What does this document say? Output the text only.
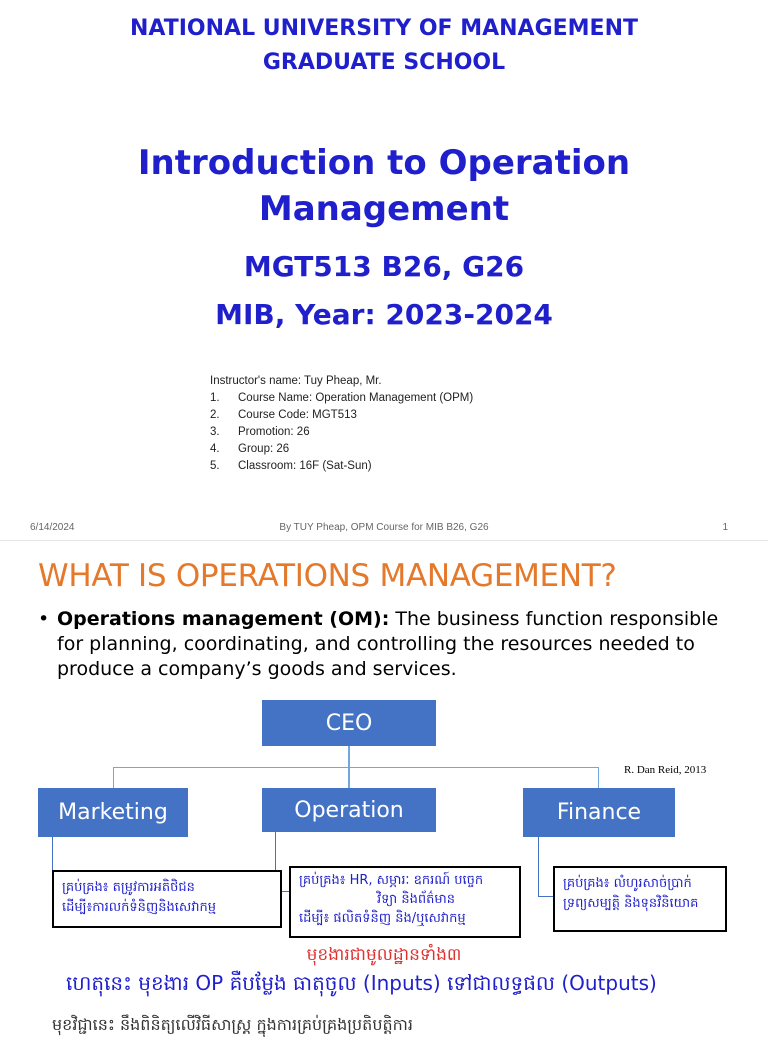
NATIONAL UNIVERSITY OF MANAGEMENT
GRADUATE SCHOOL
Introduction to Operation
Management
MGT513 B26, G26
MIB, Year: 2023-2024
Instructor's name: Tuy Pheap, Mr.
1.	Course Name: Operation Management (OPM)
2.	Course Code: MGT513
3.	Promotion: 26
4.	Group: 26
5.	Classroom: 16F (Sat-Sun)
6/14/2024	By TUY Pheap, OPM Course for MIB B26, G26	1
WHAT IS OPERATIONS MANAGEMENT?
• Operations management (OM): The business function responsible
for planning, coordinating, and controlling the resources needed to
produce a company’s goods and services.
CEO
Marketing	Operation	Finance
R. Dan Reid, 2013
គ្រប់គ្រង៖ តម្រូវការអតិថិជន
ដើម្បី៖ការលក់ទំនិញនិងសេវាកម្ម
គ្រប់គ្រង៖ HR, សម្ភារៈ ឧករណ៍ បច្ចេក
វិទ្យា និងព័ត៌មាន
ដើម្បី៖ ផលិតទំនិញ និង/ឬសេវាកម្ម
គ្រប់គ្រង៖ លំហូរសាច់ប្រាក់
ទ្រព្យសម្បត្តិ និងទុនវិនិយោគ
មុខងារជាមូលដ្ឋានទាំង៣
ហេតុនេះ មុខងារ OP គឺបម្លែង ធាតុចូល (Inputs) ទៅជាលទ្ធផល (Outputs)
មុខវិជ្ជានេះ នឹងពិនិត្យលើវិធីសាស្ត្រ ក្នុងការគ្រប់គ្រងប្រតិបត្តិការ
